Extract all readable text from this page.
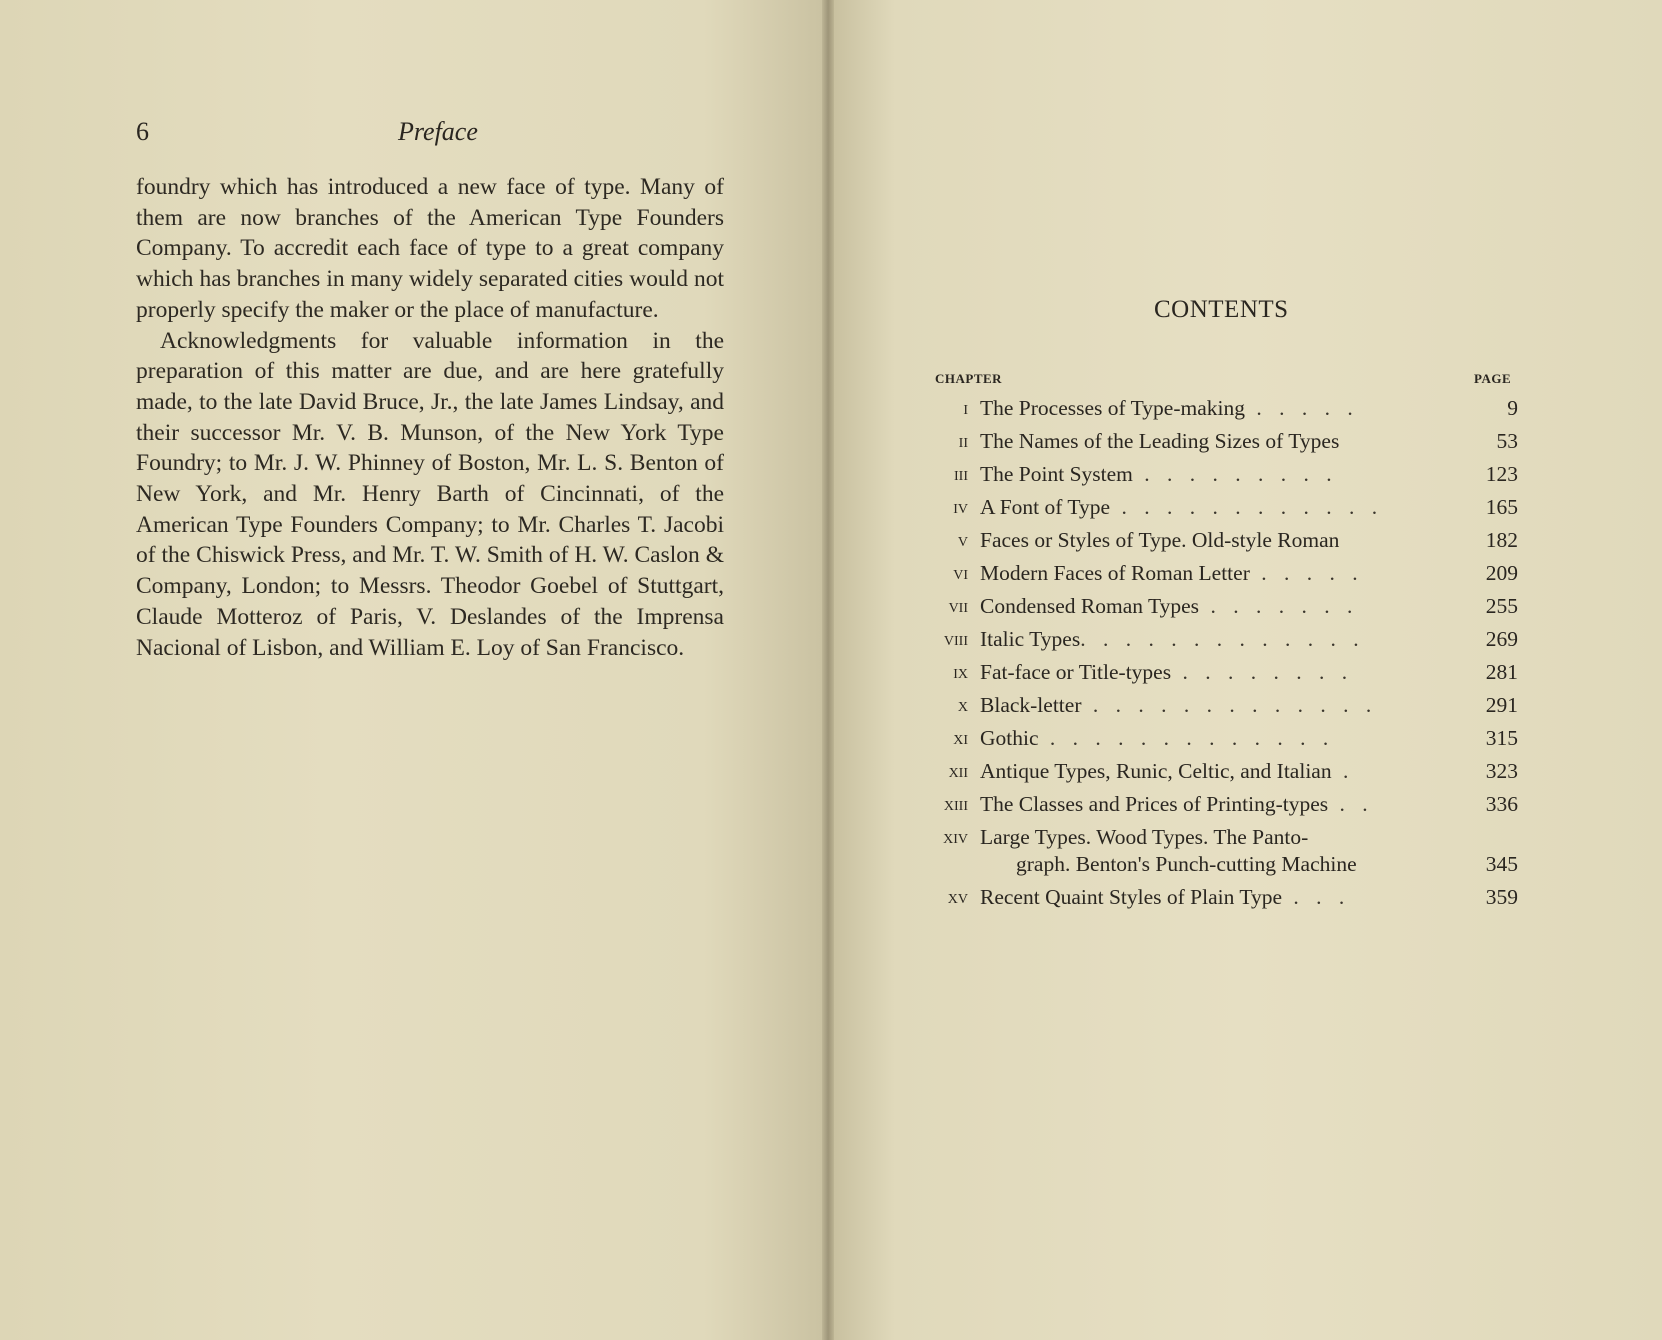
6	Preface

foundry which has introduced a new face of type. Many of them are now branches of the American Type Founders Company. To accredit each face of type to a great company which has branches in many widely separated cities would not properly specify the maker or the place of manufacture.

Acknowledgments for valuable information in the preparation of this matter are due, and are here gratefully made, to the late David Bruce, Jr., the late James Lindsay, and their successor Mr. V. B. Munson, of the New York Type Foundry; to Mr. J. W. Phinney of Boston, Mr. L. S. Benton of New York, and Mr. Henry Barth of Cincinnati, of the American Type Founders Company; to Mr. Charles T. Jacobi of the Chiswick Press, and Mr. T. W. Smith of H. W. Caslon & Company, London; to Messrs. Theodor Goebel of Stuttgart, Claude Motteroz of Paris, V. Deslandes of the Imprensa Nacional of Lisbon, and William E. Loy of San Francisco.

CONTENTS
CHAPTER	PAGE
i The Processes of Type-making . . . . .	9
ii The Names of the Leading Sizes of Types	53
iii The Point System . . . . . . . . .	123
iv A Font of Type . . . . . . . . . . . .	165
v Faces or Styles of Type. Old-style Roman	182
vi Modern Faces of Roman Letter . . . . .	209
vii Condensed Roman Types . . . . . . .	255
viii Italic Types. . . . . . . . . . . . .	269
ix Fat-face or Title-types . . . . . . . .	281
x Black-letter . . . . . . . . . . . . .	291
xi Gothic . . . . . . . . . . . . .	315
xii Antique Types, Runic, Celtic, and Italian .	323
xiii The Classes and Prices of Printing-types . .	336
xiv Large Types. Wood Types. The Panto-
graph. Benton's Punch-cutting Machine	345
xv Recent Quaint Styles of Plain Type . . .	359
